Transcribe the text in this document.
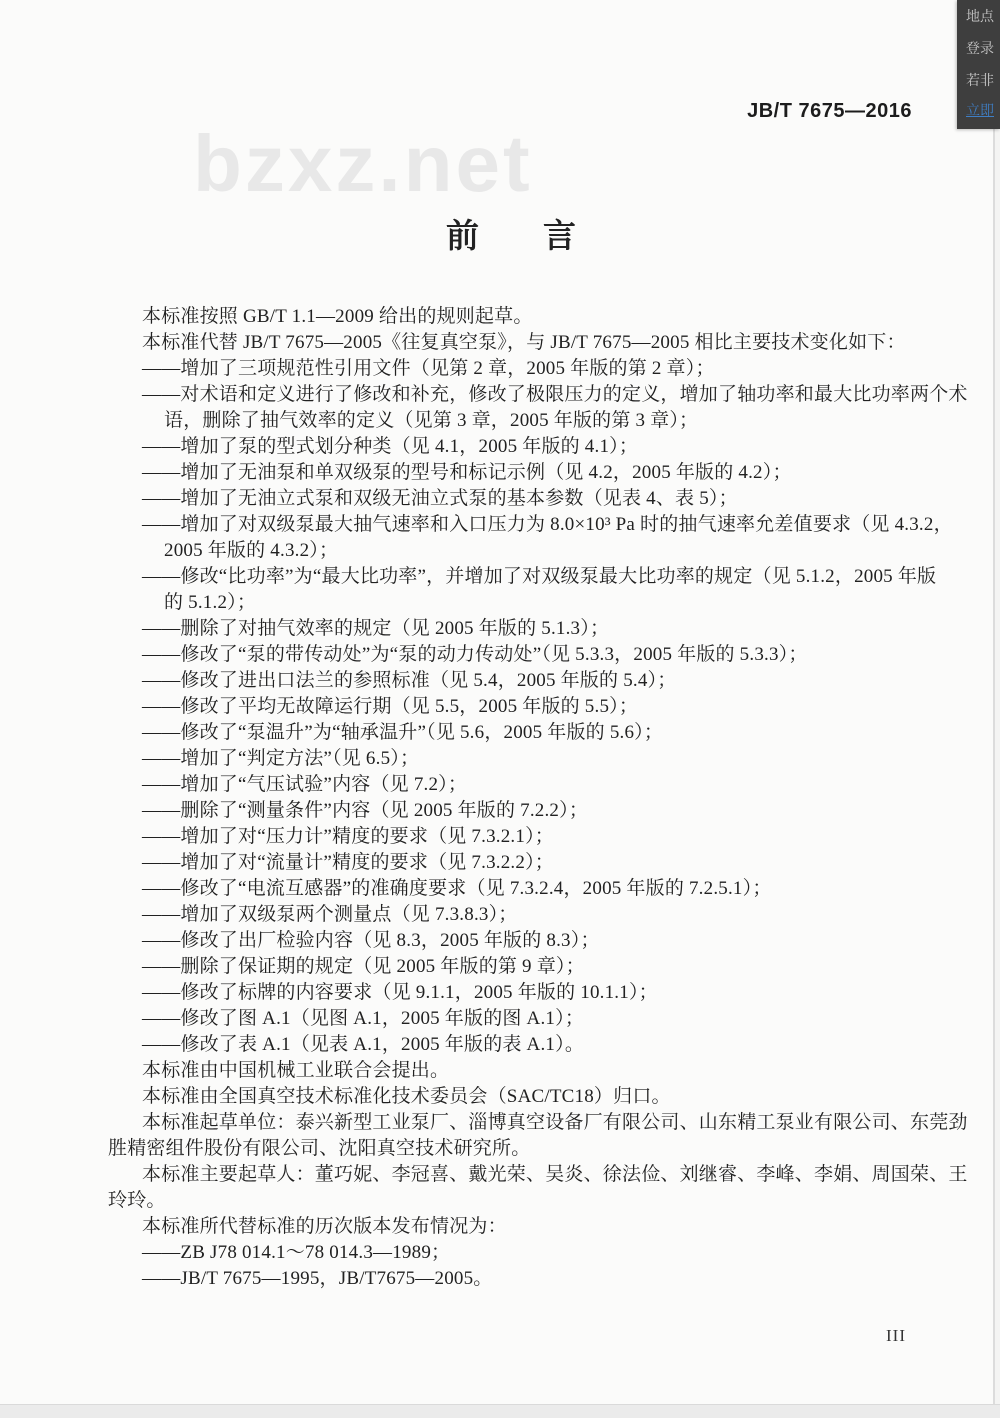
bzxz.net
JB/T 7675—2016
前 言
本标准按照 GB/T 1.1—2009 给出的规则起草。
本标准代替 JB/T 7675—2005《往复真空泵》，与 JB/T 7675—2005 相比主要技术变化如下：
——增加了三项规范性引用文件（见第 2 章，2005 年版的第 2 章）；
——对术语和定义进行了修改和补充，修改了极限压力的定义，增加了轴功率和最大比功率两个术
语，删除了抽气效率的定义（见第 3 章，2005 年版的第 3 章）；
——增加了泵的型式划分种类（见 4.1，2005 年版的 4.1）；
——增加了无油泵和单双级泵的型号和标记示例（见 4.2，2005 年版的 4.2）；
——增加了无油立式泵和双级无油立式泵的基本参数（见表 4、表 5）；
——增加了对双级泵最大抽气速率和入口压力为 8.0×10³ Pa 时的抽气速率允差值要求（见 4.3.2，
2005 年版的 4.3.2）；
——修改“比功率”为“最大比功率”，并增加了对双级泵最大比功率的规定（见 5.1.2，2005 年版
的 5.1.2）；
——删除了对抽气效率的规定（见 2005 年版的 5.1.3）；
——修改了“泵的带传动处”为“泵的动力传动处”（见 5.3.3，2005 年版的 5.3.3）；
——修改了进出口法兰的参照标准（见 5.4，2005 年版的 5.4）；
——修改了平均无故障运行期（见 5.5，2005 年版的 5.5）；
——修改了“泵温升”为“轴承温升”（见 5.6，2005 年版的 5.6）；
——增加了“判定方法”（见 6.5）；
——增加了“气压试验”内容（见 7.2）；
——删除了“测量条件”内容（见 2005 年版的 7.2.2）；
——增加了对“压力计”精度的要求（见 7.3.2.1）；
——增加了对“流量计”精度的要求（见 7.3.2.2）；
——修改了“电流互感器”的准确度要求（见 7.3.2.4，2005 年版的 7.2.5.1）；
——增加了双级泵两个测量点（见 7.3.8.3）；
——修改了出厂检验内容（见 8.3，2005 年版的 8.3）；
——删除了保证期的规定（见 2005 年版的第 9 章）；
——修改了标牌的内容要求（见 9.1.1，2005 年版的 10.1.1）；
——修改了图 A.1（见图 A.1，2005 年版的图 A.1）；
——修改了表 A.1（见表 A.1，2005 年版的表 A.1）。
本标准由中国机械工业联合会提出。
本标准由全国真空技术标准化技术委员会（SAC/TC18）归口。
本标准起草单位：泰兴新型工业泵厂、淄博真空设备厂有限公司、山东精工泵业有限公司、东莞劲
胜精密组件股份有限公司、沈阳真空技术研究所。
本标准主要起草人：董巧妮、李冠喜、戴光荣、吴炎、徐法俭、刘继睿、李峰、李娟、周国荣、王
玲玲。
本标准所代替标准的历次版本发布情况为：
——ZB J78 014.1～78 014.3—1989；
——JB/T 7675—1995，JB/T7675—2005。
III
地点
登录
若非
立即
